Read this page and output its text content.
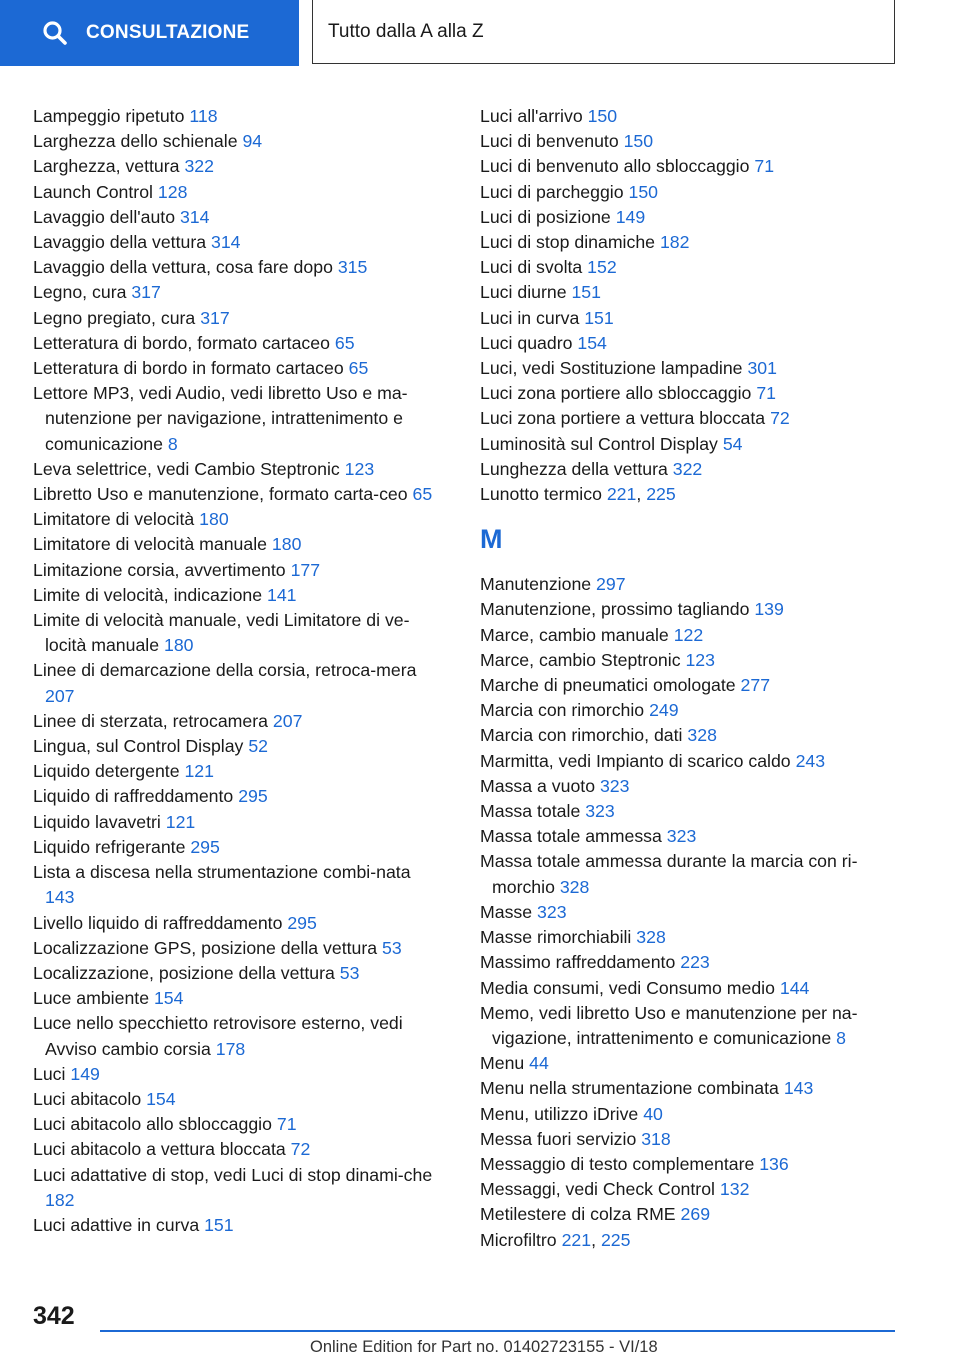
CONSULTAZIONE	Tutto dalla A alla Z
Lampeggio ripetuto 118
Larghezza dello schienale 94
Larghezza, vettura 322
Launch Control 128
Lavaggio dell'auto 314
Lavaggio della vettura 314
Lavaggio della vettura, cosa fare dopo 315
Legno, cura 317
Legno pregiato, cura 317
Letteratura di bordo, formato cartaceo 65
Letteratura di bordo in formato cartaceo 65
Lettore MP3, vedi Audio, vedi libretto Uso e ma‐nutenzione per navigazione, intrattenimento e comunicazione 8
Leva selettrice, vedi Cambio Steptronic 123
Libretto Uso e manutenzione, formato carta‐ceo 65
Limitatore di velocità 180
Limitatore di velocità manuale 180
Limitazione corsia, avvertimento 177
Limite di velocità, indicazione 141
Limite di velocità manuale, vedi Limitatore di ve‐locità manuale 180
Linee di demarcazione della corsia, retroca‐mera 207
Linee di sterzata, retrocamera 207
Lingua, sul Control Display 52
Liquido detergente 121
Liquido di raffreddamento 295
Liquido lavavetri 121
Liquido refrigerante 295
Lista a discesa nella strumentazione combi‐nata 143
Livello liquido di raffreddamento 295
Localizzazione GPS, posizione della vettura 53
Localizzazione, posizione della vettura 53
Luce ambiente 154
Luce nello specchietto retrovisore esterno, vedi Avviso cambio corsia 178
Luci 149
Luci abitacolo 154
Luci abitacolo allo sbloccaggio 71
Luci abitacolo a vettura bloccata 72
Luci adattative di stop, vedi Luci di stop dinami‐che 182
Luci adattive in curva 151
Luci all'arrivo 150
Luci di benvenuto 150
Luci di benvenuto allo sbloccaggio 71
Luci di parcheggio 150
Luci di posizione 149
Luci di stop dinamiche 182
Luci di svolta 152
Luci diurne 151
Luci in curva 151
Luci quadro 154
Luci, vedi Sostituzione lampadine 301
Luci zona portiere allo sbloccaggio 71
Luci zona portiere a vettura bloccata 72
Luminosità sul Control Display 54
Lunghezza della vettura 322
Lunotto termico 221, 225
M
Manutenzione 297
Manutenzione, prossimo tagliando 139
Marce, cambio manuale 122
Marce, cambio Steptronic 123
Marche di pneumatici omologate 277
Marcia con rimorchio 249
Marcia con rimorchio, dati 328
Marmitta, vedi Impianto di scarico caldo 243
Massa a vuoto 323
Massa totale 323
Massa totale ammessa 323
Massa totale ammessa durante la marcia con ri‐morchio 328
Masse 323
Masse rimorchiabili 328
Massimo raffreddamento 223
Media consumi, vedi Consumo medio 144
Memo, vedi libretto Uso e manutenzione per na‐vigazione, intrattenimento e comunicazione 8
Menu 44
Menu nella strumentazione combinata 143
Menu, utilizzo iDrive 40
Messa fuori servizio 318
Messaggio di testo complementare 136
Messaggi, vedi Check Control 132
Metilestere di colza RME 269
Microfiltro 221, 225
342
Online Edition for Part no. 01402723155 - VI/18
